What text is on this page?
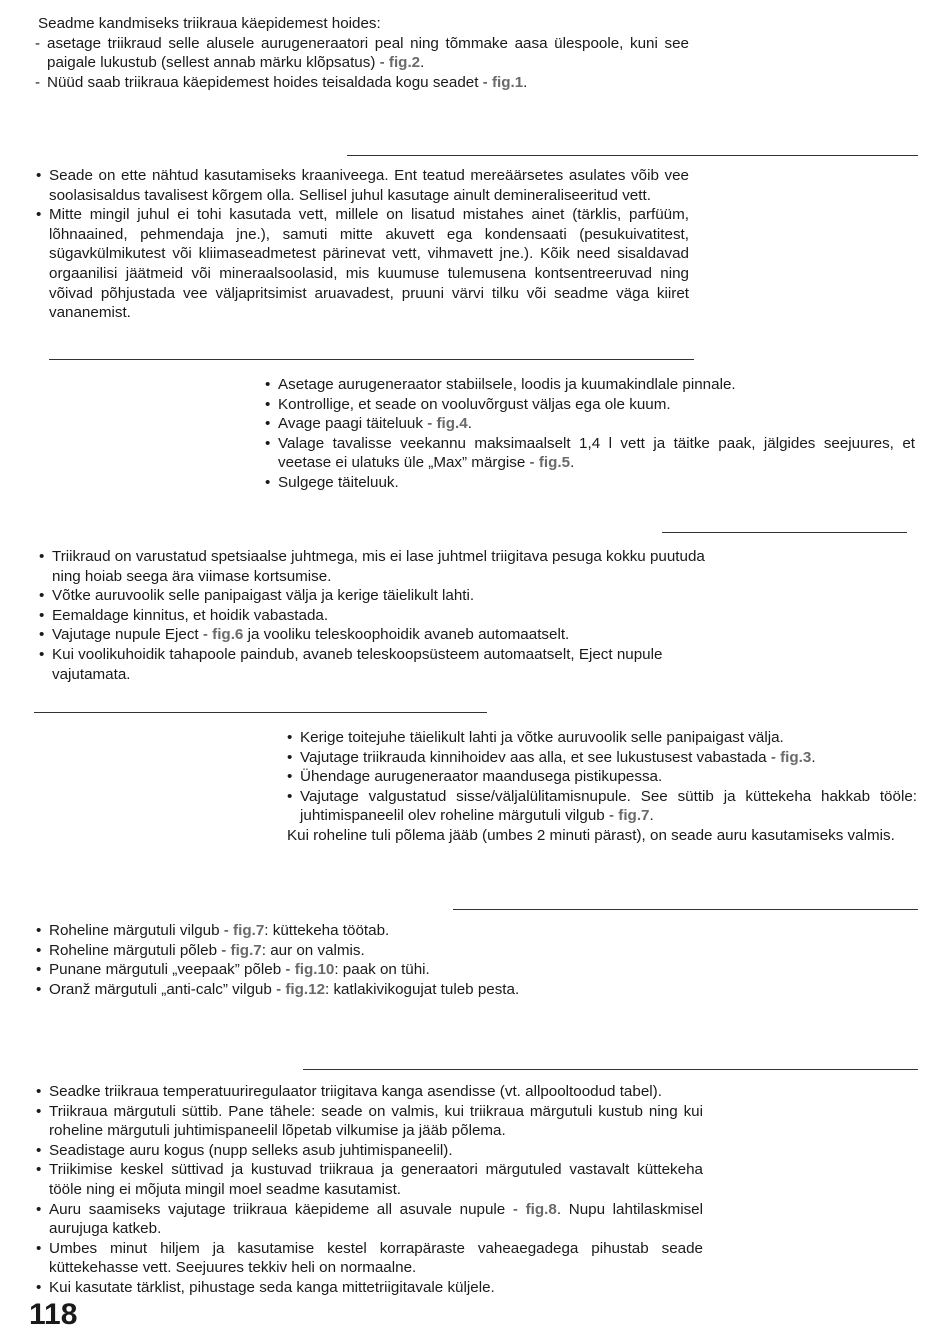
Seadme kandmiseks triikraua käepidemest hoides:

- asetage triikraud selle alusele aurugeneraatori peal ning tõmmake aasa ülespoole, kuni see paigale lukustub (sellest annab märku klõpsatus) - fig.2.
- Nüüd saab triikraua käepidemest hoides teisaldada kogu seadet - fig.1.
• Seade on ette nähtud kasutamiseks kraaniveega. Ent teatud mereäärsetes asulates võib vee soolasisaldus tavalisest kõrgem olla. Sellisel juhul kasutage ainult demineraliseeritud vett.
• Mitte mingil juhul ei tohi kasutada vett, millele on lisatud mistahes ainet (tärklis, parfüüm, lõhnaained, pehmendaja jne.), samuti mitte akuvett ega kondensaati (pesukuivatitest, sügavkülmikutest või kliimaseadmetest pärinevat vett, vihmavett jne.). Kõik need sisaldavad orgaanilisi jäätmeid või mineraalsoolasid, mis kuumuse tulemusena kontsentreeruvad ning võivad põhjustada vee väljapritsimist aruavadest, pruuni värvi tilku või seadme väga kiiret vananemist.
• Asetage aurugeneraator stabiilsele, loodis ja kuumakindlale pinnale.
• Kontrollige, et seade on vooluvõrgust väljas ega ole kuum.
• Avage paagi täiteluuk - fig.4.
• Valage tavalisse veekannu maksimaalselt 1,4 l vett ja täitke paak, jälgides seejuures, et veetase ei ulatuks üle „Max” märgise - fig.5.
• Sulgege täiteluuk.
• Triikraud on varustatud spetsiaalse juhtmega, mis ei lase juhtmel triigitava pesuga kokku puutuda ning hoiab seega ära viimase kortsumise.
• Võtke auruvoolik selle panipaigast välja ja kerige täielikult lahti.
• Eemaldage kinnitus, et hoidik vabastada.
• Vajutage nupule Eject - fig.6 ja vooliku teleskoophoidik avaneb automaatselt.
• Kui voolikuhoidik tahapoole paindub, avaneb teleskoopsüsteem automaatselt, Eject nupule vajutamata.
• Kerige toitejuhe täielikult lahti ja võtke auruvoolik selle panipaigast välja.
• Vajutage triikrauda kinnihoidev aas alla, et see lukustusest vabastada - fig.3.
• Ühendage aurugeneraator maandusega pistikupessa.
• Vajutage valgustatud sisse/väljalülitamisnupule. See süttib ja küttekeha hakkab tööle: juhtimispaneelil olev roheline märgutuli vilgub - fig.7.

Kui roheline tuli põlema jääb (umbes 2 minuti pärast), on seade auru kasutamiseks valmis.

• Roheline märgutuli vilgub - fig.7: küttekeha töötab.
• Roheline märgutuli põleb - fig.7: aur on valmis.
• Punane märgutuli „veepaak” põleb - fig.10: paak on tühi.
• Oranž märgutuli „anti-calc” vilgub - fig.12: katlakivikogujat tuleb pesta.
• Seadke triikraua temperatuuriregulaator triigitava kanga asendisse (vt. allpooltoodud tabel).
• Triikraua märgutuli süttib. Pane tähele: seade on valmis, kui triikraua märgutuli kustub ning kui roheline märgutuli juhtimispaneelil lõpetab vilkumise ja jääb põlema.
• Seadistage auru kogus (nupp selleks asub juhtimispaneelil).
• Triikimise keskel süttivad ja kustuvad triikraua ja generaatori märgutuled vastavalt küttekeha tööle ning ei mõjuta mingil moel seadme kasutamist.
• Auru saamiseks vajutage triikraua käepideme all asuvale nupule - fig.8. Nupu lahtilaskmisel aurujuga katkeb.
• Umbes minut hiljem ja kasutamise kestel korrapäraste vaheaegadega pihustab seade küttekehasse vett. Seejuures tekkiv heli on normaalne.
• Kui kasutate tärklist, pihustage seda kanga mittetriigitavale küljele.
118
